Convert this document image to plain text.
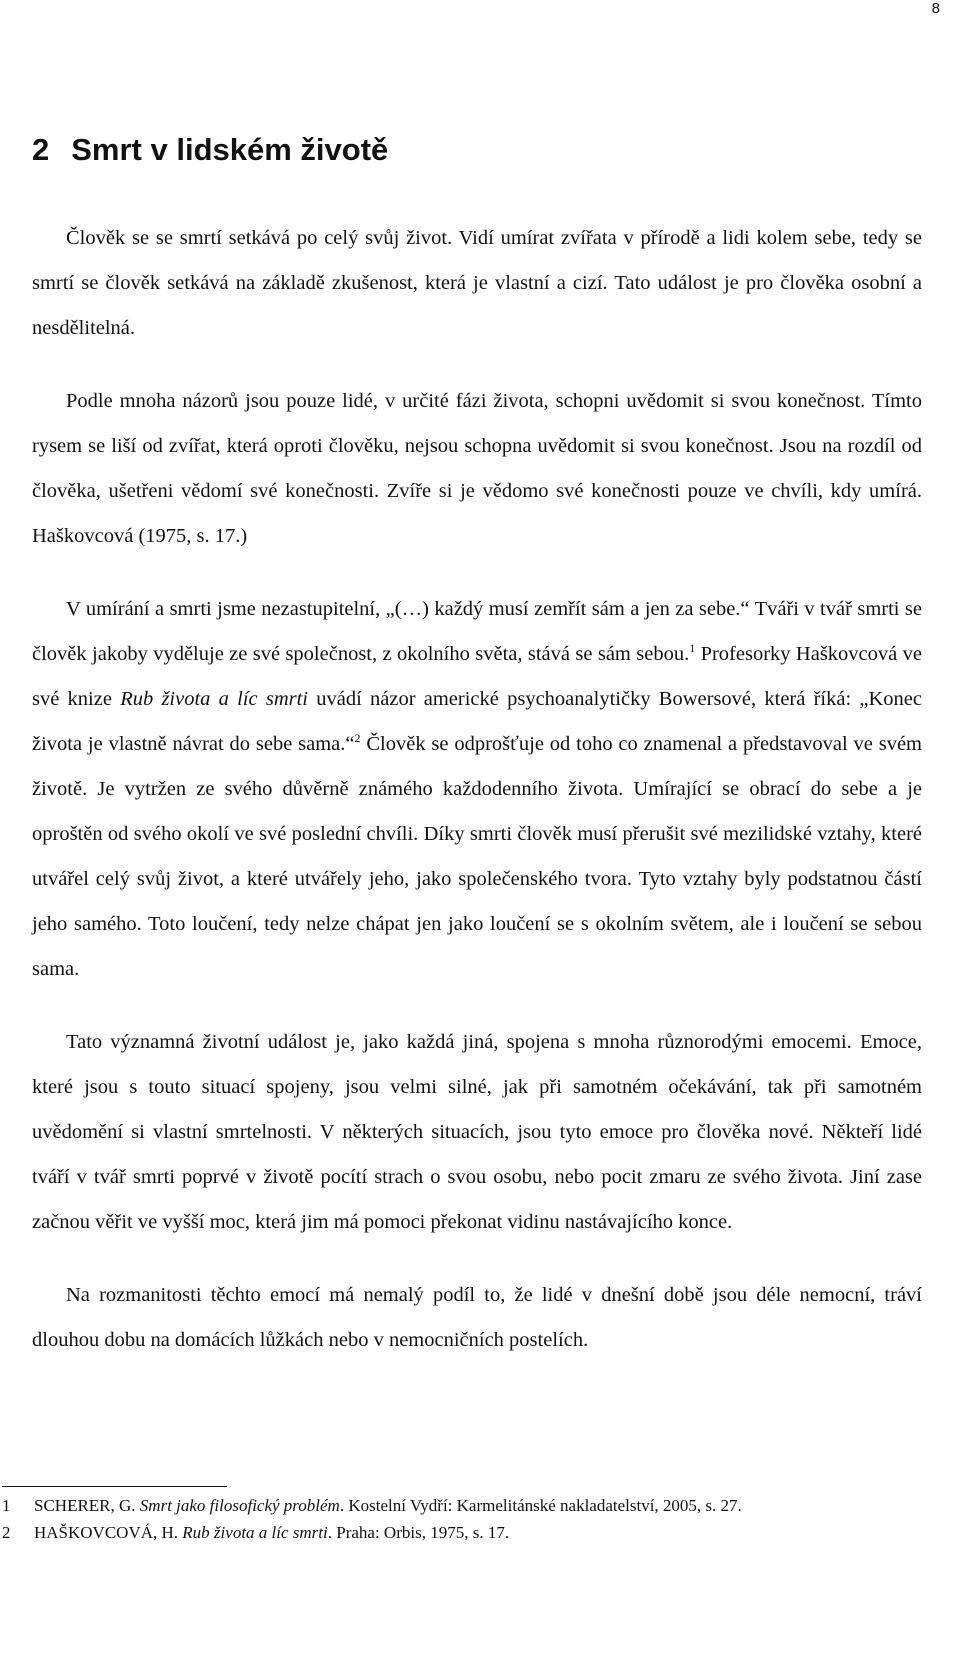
8
2 Smrt v lidském životě

Člověk se se smrtí setkává po celý svůj život. Vidí umírat zvířata v přírodě a lidi kolem sebe, tedy se smrtí se člověk setkává na základě zkušenost, která je vlastní a cizí. Tato událost je pro člověka osobní a nesdělitelná.

Podle mnoha názorů jsou pouze lidé, v určité fázi života, schopni uvědomit si svou konečnost. Tímto rysem se liší od zvířat, která oproti člověku, nejsou schopna uvědomit si svou konečnost. Jsou na rozdíl od člověka, ušetřeni vědomí své konečnosti. Zvíře si je vědomo své konečnosti pouze ve chvíli, kdy umírá. Haškovcová (1975, s. 17.)

V umírání a smrti jsme nezastupitelní, „(…) každý musí zemřít sám a jen za sebe.“ Tváři v tvář smrti se člověk jakoby vyděluje ze své společnost, z okolního světa, stává se sám sebou.$^1$ Profesorky Haškovcová ve své knize Rub života a líc smrti uvádí názor americké psychoanalytičky Bowersové, která říká: „Konec života je vlastně návrat do sebe sama.“$^2$ Člověk se odprošťuje od toho co znamenal a představoval ve svém životě. Je vytržen ze svého důvěrně známého každodenního života. Umírající se obrací do sebe a je oproštěn od svého okolí ve své poslední chvíli. Díky smrti člověk musí přerušit své mezilidské vztahy, které utvářel celý svůj život, a které utvářely jeho, jako společenského tvora. Tyto vztahy byly podstatnou částí jeho samého. Toto loučení, tedy nelze chápat jen jako loučení se s okolním světem, ale i loučení se sebou sama.

Tato významná životní událost je, jako každá jiná, spojena s mnoha různorodými emocemi. Emoce, které jsou s touto situací spojeny, jsou velmi silné, jak při samotném očekávání, tak při samotném uvědomění si vlastní smrtelnosti. V některých situacích, jsou tyto emoce pro člověka nové. Někteří lidé tváří v tvář smrti poprvé v životě pocítí strach o svou osobu, nebo pocit zmaru ze svého života. Jiní zase začnou věřit ve vyšší moc, která jim má pomoci překonat vidinu nastávajícího konce.

Na rozmanitosti těchto emocí má nemalý podíl to, že lidé v dnešní době jsou déle nemocní, tráví dlouhou dobu na domácích lůžkách nebo v nemocničních postelích.

1	SCHERER, G. Smrt jako filosofický problém. Kostelní Vydří: Karmelitánské nakladatelství, 2005, s. 27.
2	HAŠKOVCOVÁ, H. Rub života a líc smrti. Praha: Orbis, 1975, s. 17.
